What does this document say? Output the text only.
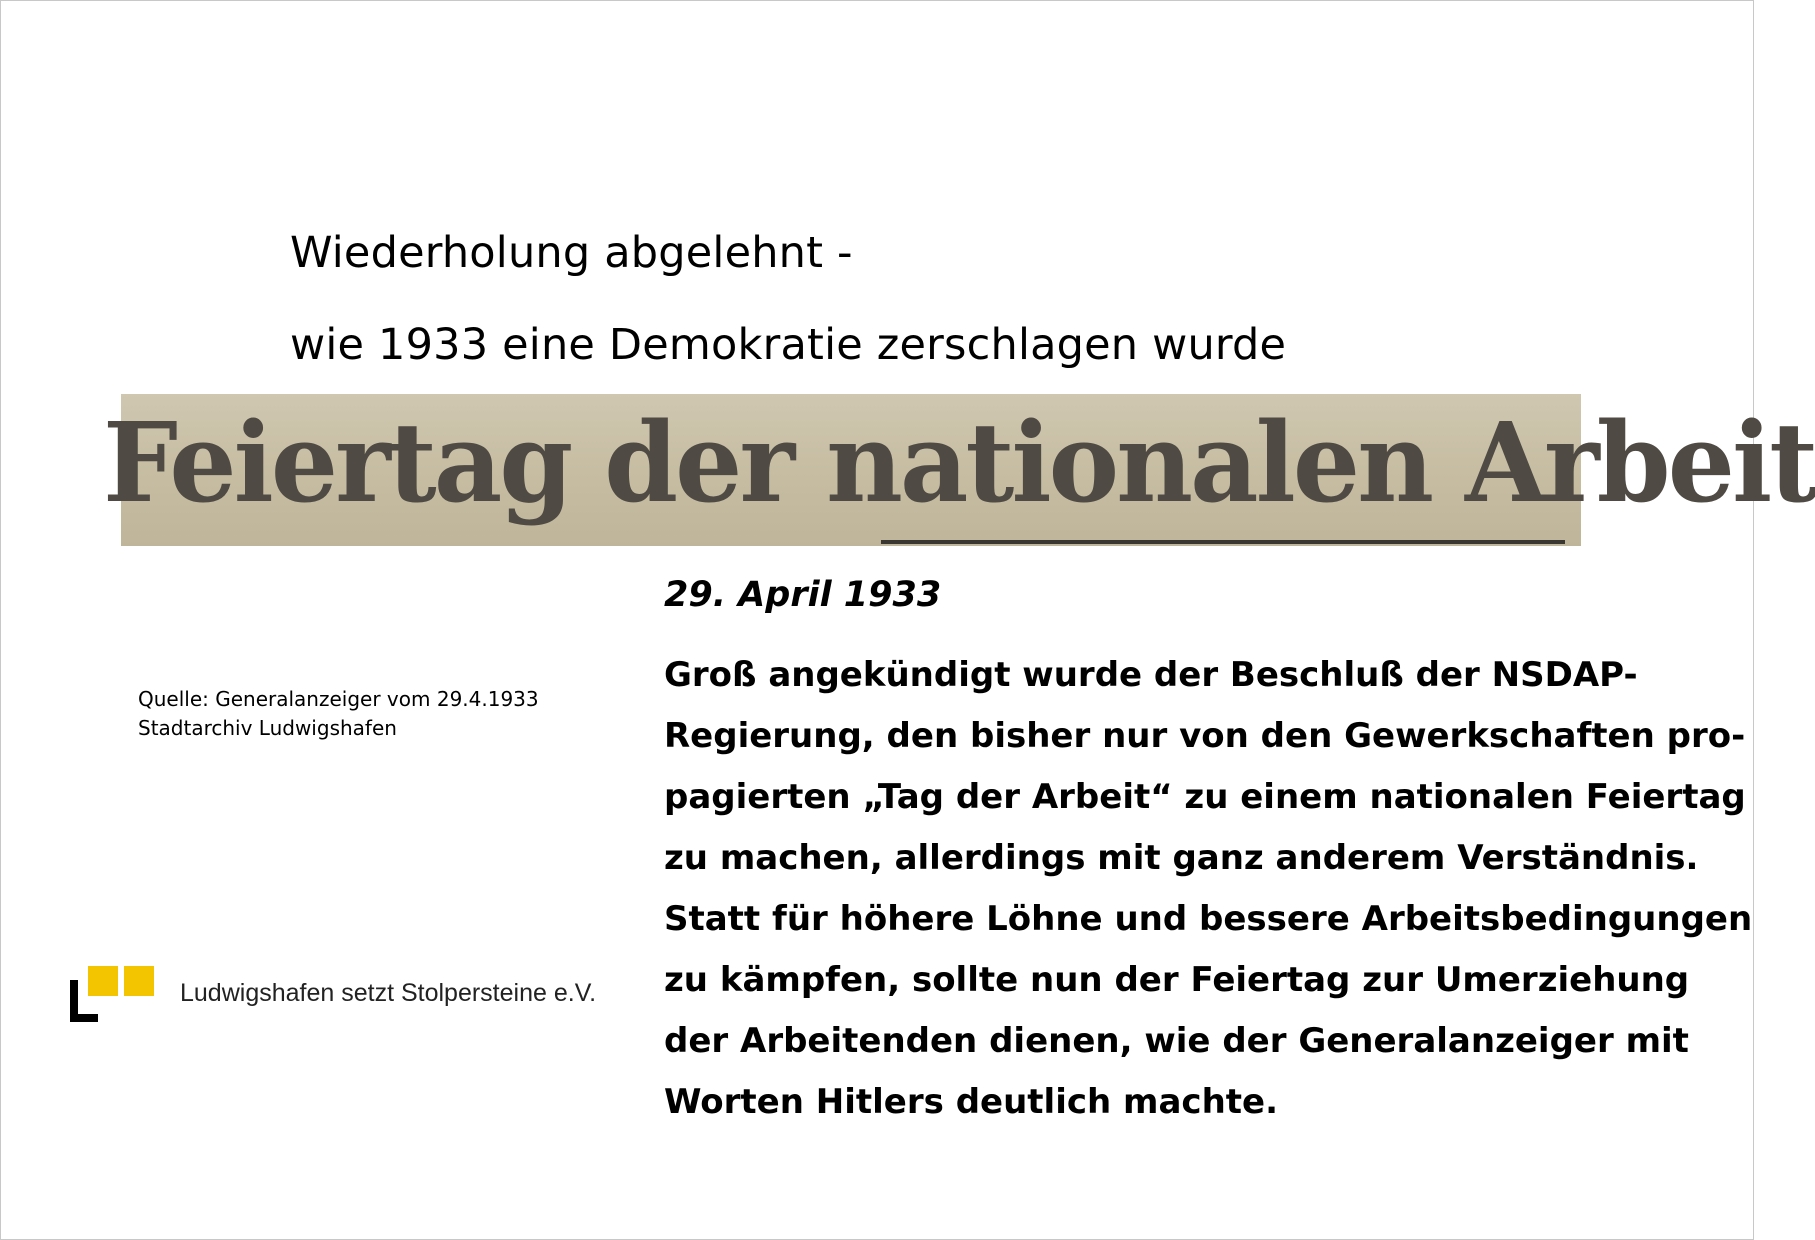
Wiederholung abgelehnt -
wie 1933 eine Demokratie zerschlagen wurde
Feiertag der nationalen Arbeit
29. April 1933

Groß angekündigt wurde der Beschluß der NSDAP-
Regierung, den bisher nur von den Gewerkschaften pro-
pagierten „Tag der Arbeit“ zu einem nationalen Feiertag
zu machen, allerdings mit ganz anderem Verständnis.
Statt für höhere Löhne und bessere Arbeitsbedingungen
zu kämpfen, sollte nun der Feiertag zur Umerziehung
der Arbeitenden dienen, wie der Generalanzeiger mit
Worten Hitlers deutlich machte.

Quelle: Generalanzeiger vom 29.4.1933
Stadtarchiv Ludwigshafen
Ludwigshafen setzt Stolpersteine e.V.
